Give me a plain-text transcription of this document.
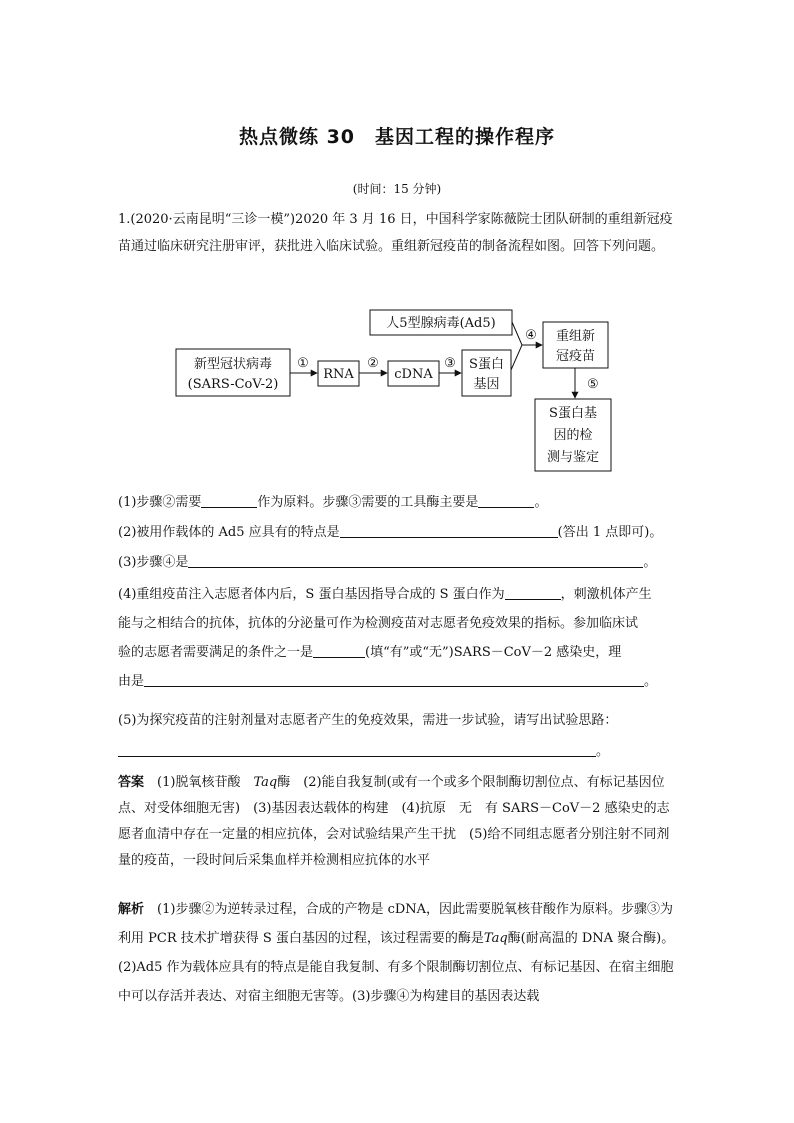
热点微练 30　基因工程的操作程序
(时间：15 分钟)
1.(2020·云南昆明“三诊一模”)2020 年 3 月 16 日，中国科学家陈薇院士团队研制的重组新冠疫苗通过临床研究注册审评，获批进入临床试验。重组新冠疫苗的制备流程如图。回答下列问题。
新型冠状病毒
(SARS-CoV-2)
RNA	cDNA
S蛋白
基因
人5型腺病毒(Ad5)
重组新
冠疫苗
S蛋白基
因的检
测与鉴定
①	②	③
④
⑤
(1)步骤②需要	作为原料。步骤③需要的工具酶主要是	。
(2)被用作载体的 Ad5 应具有的特点是	(答出 1 点即可)。
(3)步骤④是	。
(4)重组疫苗注入志愿者体内后，S 蛋白基因指导合成的 S 蛋白作为	，刺激机体产生
能与之相结合的抗体，抗体的分泌量可作为检测疫苗对志愿者免疫效果的指标。参加临床试
验的志愿者需要满足的条件之一是	(填“有”或“无”)SARS－CoV－2 感染史，理
由是	。
(5)为探究疫苗的注射剂量对志愿者产生的免疫效果，需进一步试验，请写出试验思路：
。
答案　 (1)脱氧核苷酸　Taq酶　(2)能自我复制(或有一个或多个限制酶切割位点、有标记基因位点、对受体细胞无害)　(3)基因表达载体的构建　(4)抗原　无　有 SARS－CoV－2 感染史的志愿者血清中存在一定量的相应抗体，会对试验结果产生干扰　(5)给不同组志愿者分别注射不同剂量的疫苗，一段时间后采集血样并检测相应抗体的水平
解析　 (1)步骤②为逆转录过程，合成的产物是 cDNA，因此需要脱氧核苷酸作为原料。步骤③为利用 PCR 技术扩增获得 S 蛋白基因的过程，该过程需要的酶是Taq酶(耐高温的 DNA 聚合酶)。(2)Ad5 作为载体应具有的特点是能自我复制、有多个限制酶切割位点、有标记基因、在宿主细胞中可以存活并表达、对宿主细胞无害等。(3)步骤④为构建目的基因表达载
